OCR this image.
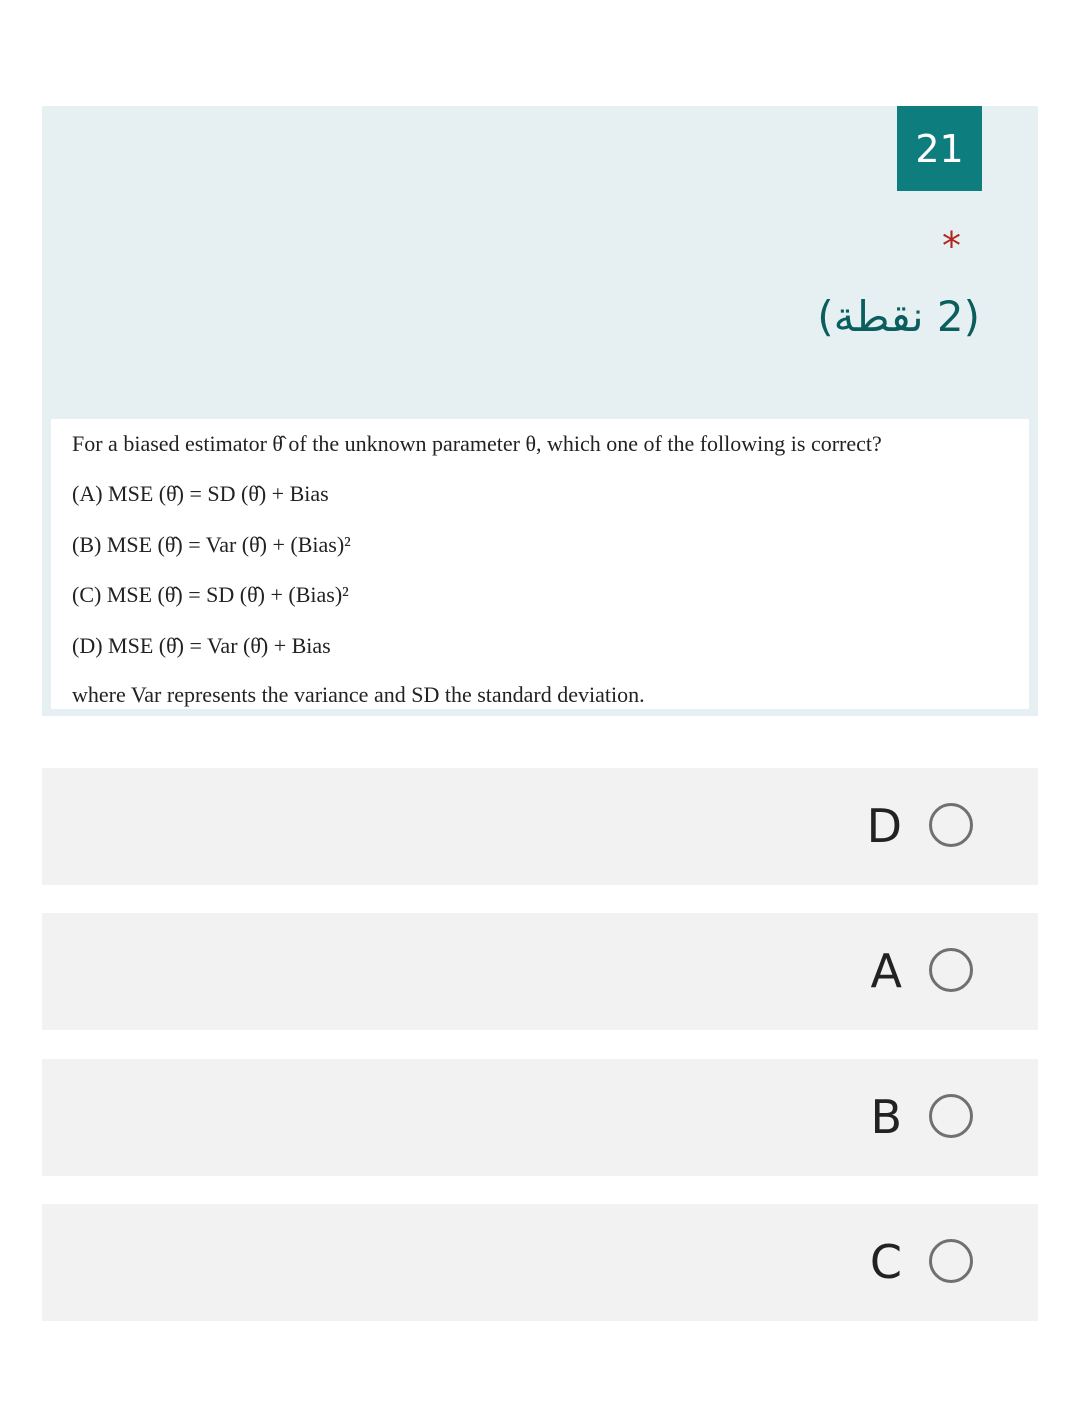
21
*
(2 نقطة)
For a biased estimator θ̂ of the unknown parameter θ, which one of the following is correct?
(A) MSE (θ̂) = SD (θ̂) + Bias
(B) MSE (θ̂) = Var (θ̂) + (Bias)²
(C) MSE (θ̂) = SD (θ̂) + (Bias)²
(D) MSE (θ̂) = Var (θ̂) + Bias
where Var represents the variance and SD the standard deviation.
D
A
B
C
